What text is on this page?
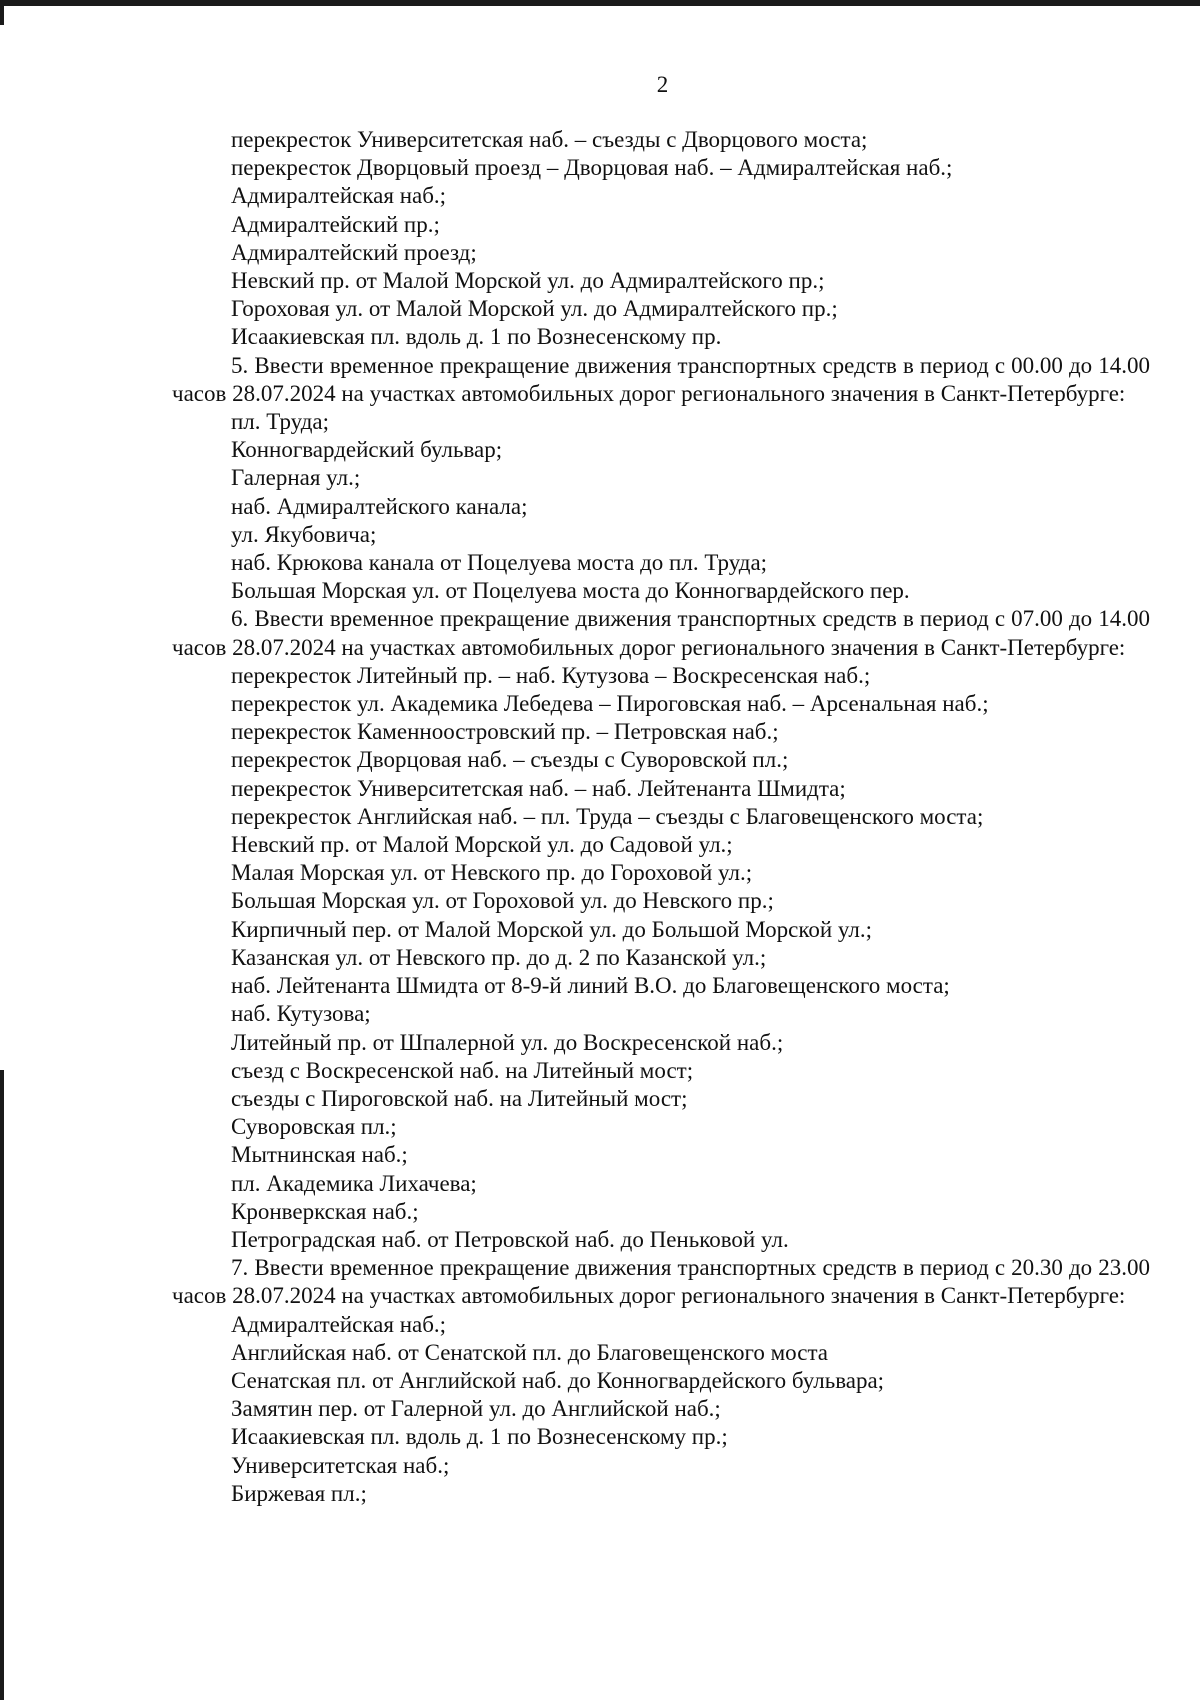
2
перекресток Университетская наб. – съезды с Дворцового моста;
перекресток Дворцовый проезд – Дворцовая наб. – Адмиралтейская наб.;
Адмиралтейская наб.;
Адмиралтейский пр.;
Адмиралтейский проезд;
Невский пр. от Малой Морской ул. до Адмиралтейского пр.;
Гороховая ул. от Малой Морской ул. до Адмиралтейского пр.;
Исаакиевская пл. вдоль д. 1 по Вознесенскому пр.

5. Ввести временное прекращение движения транспортных средств в период с 00.00 до 14.00 часов 28.07.2024 на участках автомобильных дорог регионального значения в Санкт-Петербурге:

пл. Труда;
Конногвардейский бульвар;
Галерная ул.;
наб. Адмиралтейского канала;
ул. Якубовича;
наб. Крюкова канала от Поцелуева моста до пл. Труда;
Большая Морская ул. от Поцелуева моста до Конногвардейского пер.

6. Ввести временное прекращение движения транспортных средств в период с 07.00 до 14.00 часов 28.07.2024 на участках автомобильных дорог регионального значения в Санкт-Петербурге:

перекресток Литейный пр. – наб. Кутузова – Воскресенская наб.;
перекресток ул. Академика Лебедева – Пироговская наб. – Арсенальная наб.;
перекресток Каменноостровский пр. – Петровская наб.;
перекресток Дворцовая наб. – съезды с Суворовской пл.;
перекресток Университетская наб. – наб. Лейтенанта Шмидта;
перекресток Английская наб. – пл. Труда – съезды с Благовещенского моста;
Невский пр. от Малой Морской ул. до Садовой ул.;
Малая Морская ул. от Невского пр. до Гороховой ул.;
Большая Морская ул. от Гороховой ул. до Невского пр.;
Кирпичный пер. от Малой Морской ул. до Большой Морской ул.;
Казанская ул. от Невского пр. до д. 2 по Казанской ул.;
наб. Лейтенанта Шмидта от 8-9-й линий В.О. до Благовещенского моста;
наб. Кутузова;
Литейный пр. от Шпалерной ул. до Воскресенской наб.;
съезд с Воскресенской наб. на Литейный мост;
съезды с Пироговской наб. на Литейный мост;
Суворовская пл.;
Мытнинская наб.;
пл. Академика Лихачева;
Кронверкская наб.;
Петроградская наб. от Петровской наб. до Пеньковой ул.

7. Ввести временное прекращение движения транспортных средств в период с 20.30 до 23.00 часов 28.07.2024 на участках автомобильных дорог регионального значения в Санкт-Петербурге:

Адмиралтейская наб.;
Английская наб. от Сенатской пл. до Благовещенского моста
Сенатская пл. от Английской наб. до Конногвардейского бульвара;
Замятин пер. от Галерной ул. до Английской наб.;
Исаакиевская пл. вдоль д. 1 по Вознесенскому пр.;
Университетская наб.;
Биржевая пл.;
